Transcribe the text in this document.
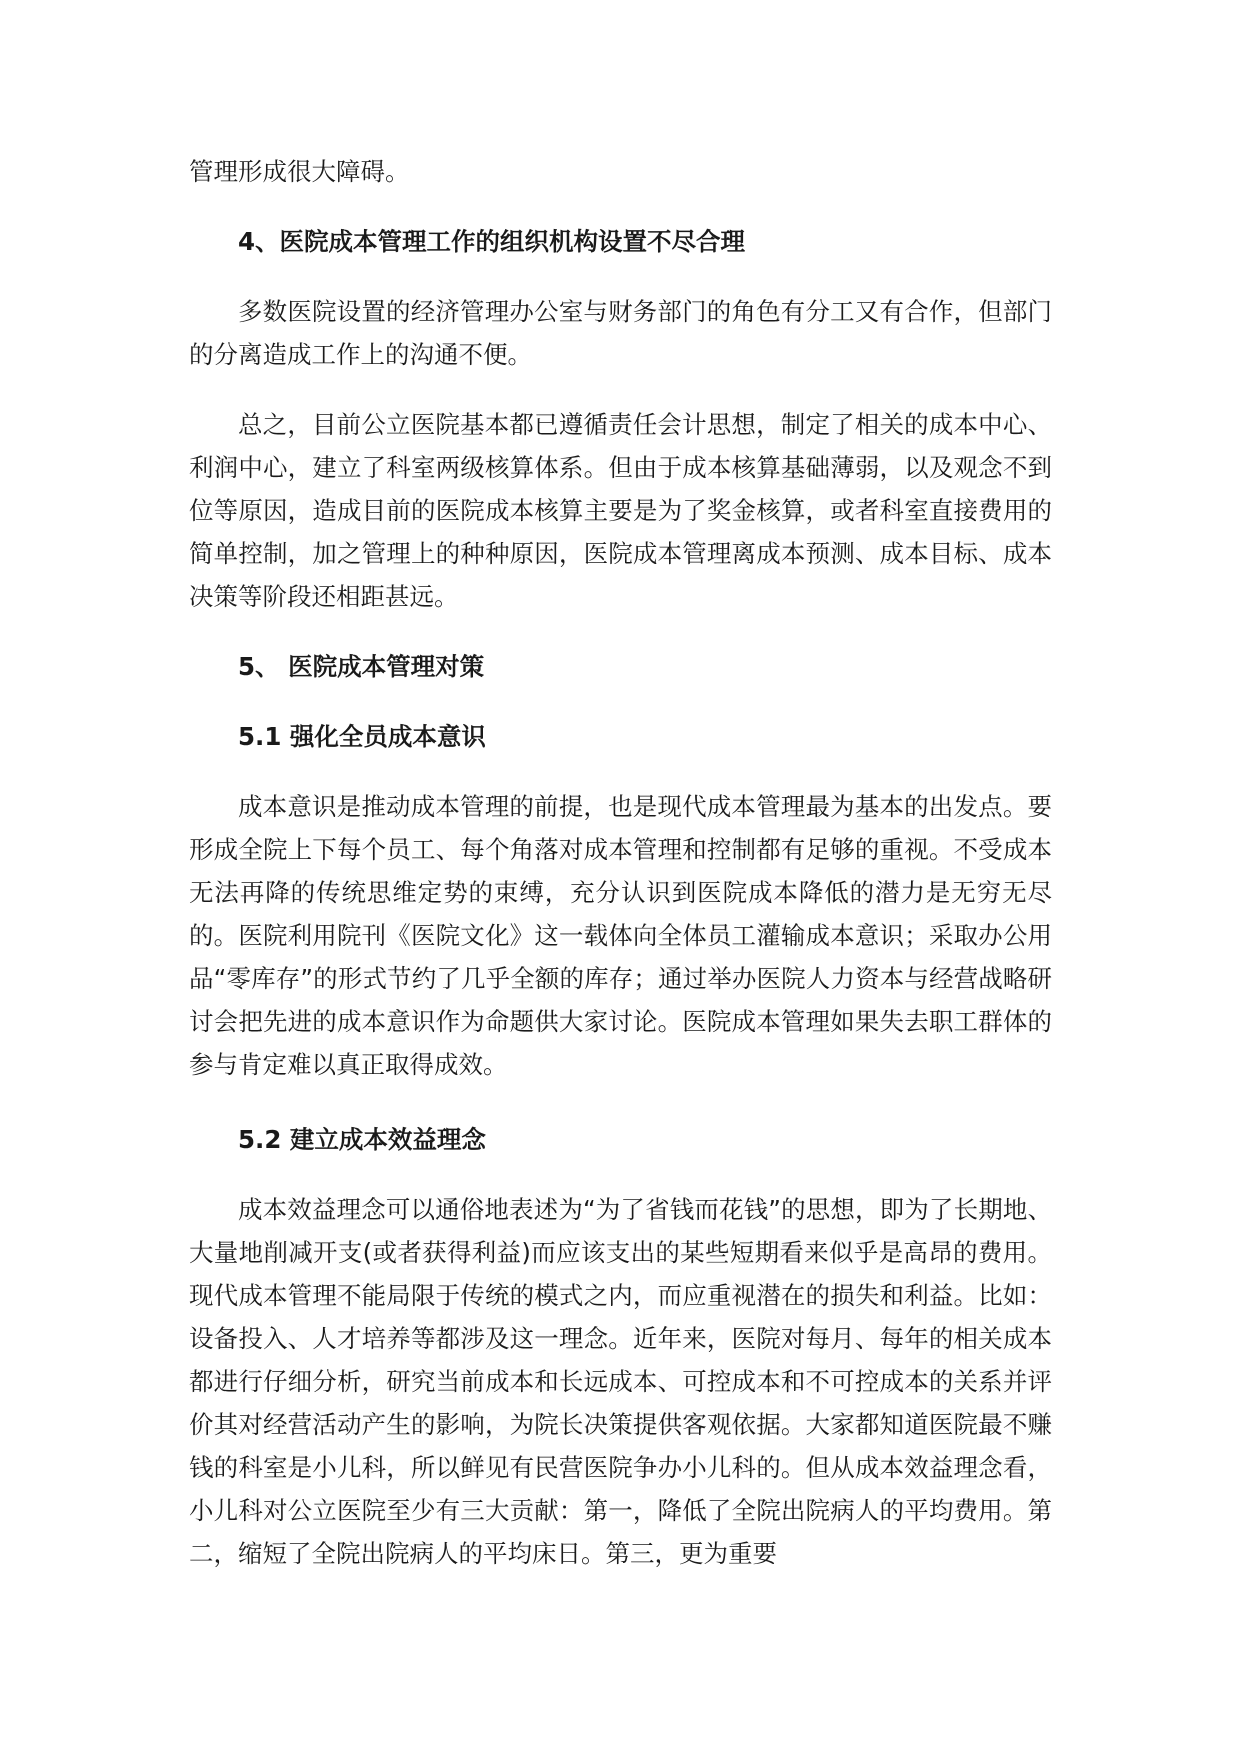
管理形成很大障碍。

4、医院成本管理工作的组织机构设置不尽合理

多数医院设置的经济管理办公室与财务部门的角色有分工又有合作，但部门的分离造成工作上的沟通不便。

总之，目前公立医院基本都已遵循责任会计思想，制定了相关的成本中心、利润中心，建立了科室两级核算体系。但由于成本核算基础薄弱，以及观念不到位等原因，造成目前的医院成本核算主要是为了奖金核算，或者科室直接费用的简单控制，加之管理上的种种原因，医院成本管理离成本预测、成本目标、成本决策等阶段还相距甚远。

5、 医院成本管理对策

5.1 强化全员成本意识

成本意识是推动成本管理的前提，也是现代成本管理最为基本的出发点。要形成全院上下每个员工、每个角落对成本管理和控制都有足够的重视。不受成本无法再降的传统思维定势的束缚，充分认识到医院成本降低的潜力是无穷无尽的。医院利用院刊《医院文化》这一载体向全体员工灌输成本意识；采取办公用品“零库存”的形式节约了几乎全额的库存；通过举办医院人力资本与经营战略研讨会把先进的成本意识作为命题供大家讨论。医院成本管理如果失去职工群体的参与肯定难以真正取得成效。

5.2 建立成本效益理念

成本效益理念可以通俗地表述为“为了省钱而花钱”的思想，即为了长期地、大量地削减开支(或者获得利益)而应该支出的某些短期看来似乎是高昂的费用。现代成本管理不能局限于传统的模式之内，而应重视潜在的损失和利益。比如：设备投入、人才培养等都涉及这一理念。近年来，医院对每月、每年的相关成本都进行仔细分析，研究当前成本和长远成本、可控成本和不可控成本的关系并评价其对经营活动产生的影响，为院长决策提供客观依据。大家都知道医院最不赚钱的科室是小儿科，所以鲜见有民营医院争办小儿科的。但从成本效益理念看，小儿科对公立医院至少有三大贡献：第一，降低了全院出院病人的平均费用。第二，缩短了全院出院病人的平均床日。第三，更为重要
